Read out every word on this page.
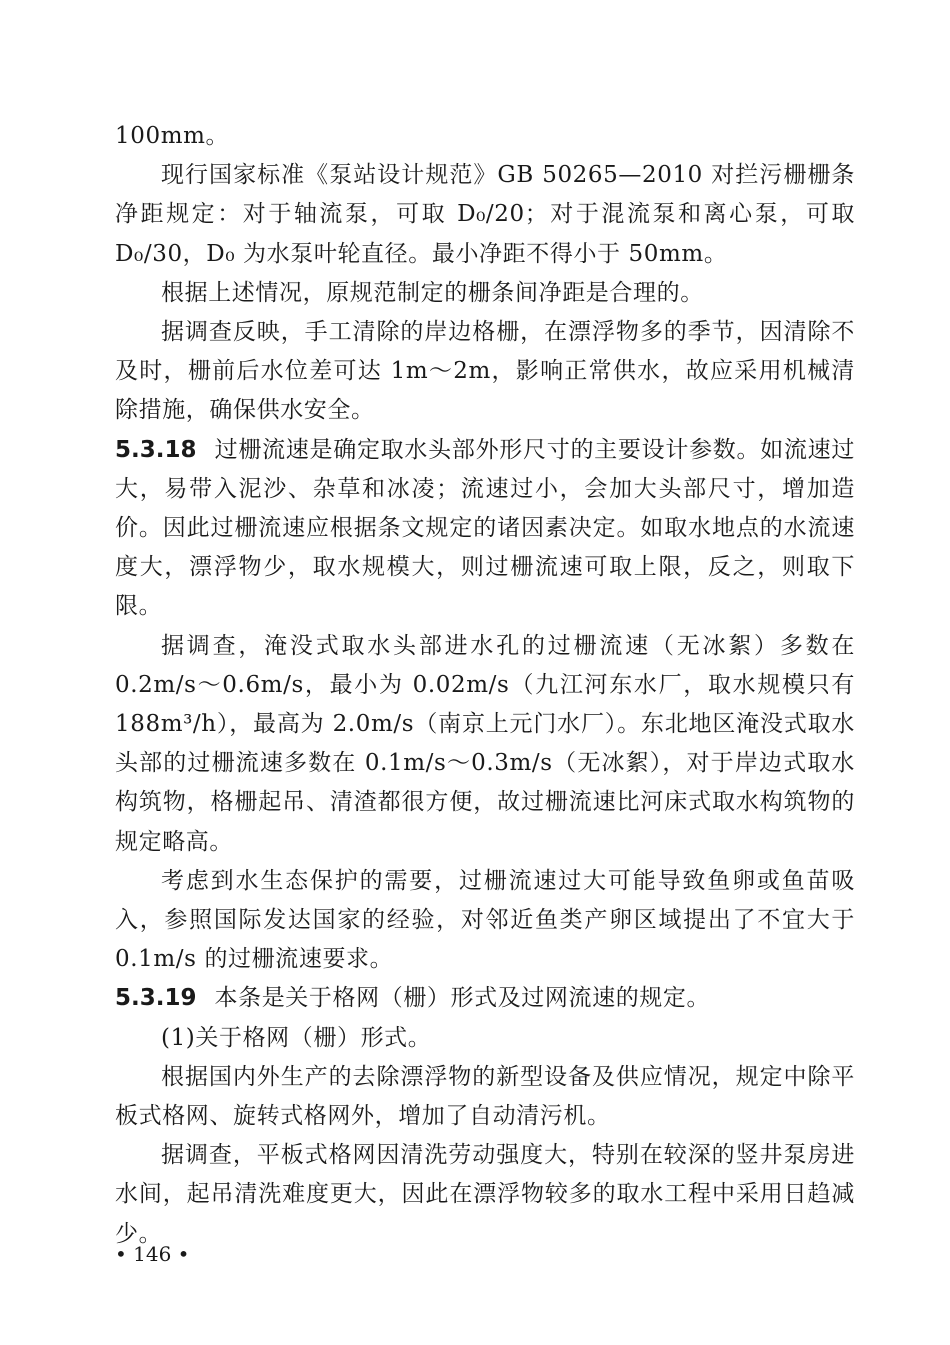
100mm。

现行国家标准《泵站设计规范》GB 50265—2010 对拦污栅栅条净距规定：对于轴流泵，可取 D₀/20；对于混流泵和离心泵，可取 D₀/30，D₀ 为水泵叶轮直径。最小净距不得小于 50mm。

根据上述情况，原规范制定的栅条间净距是合理的。

据调查反映，手工清除的岸边格栅，在漂浮物多的季节，因清除不及时，栅前后水位差可达 1m～2m，影响正常供水，故应采用机械清除措施，确保供水安全。

5.3.18 过栅流速是确定取水头部外形尺寸的主要设计参数。如流速过大，易带入泥沙、杂草和冰凌；流速过小，会加大头部尺寸，增加造价。因此过栅流速应根据条文规定的诸因素决定。如取水地点的水流速度大，漂浮物少，取水规模大，则过栅流速可取上限，反之，则取下限。

据调查，淹没式取水头部进水孔的过栅流速（无冰絮）多数在 0.2m/s～0.6m/s，最小为 0.02m/s（九江河东水厂，取水规模只有 188m³/h），最高为 2.0m/s（南京上元门水厂）。东北地区淹没式取水头部的过栅流速多数在 0.1m/s～0.3m/s（无冰絮），对于岸边式取水构筑物，格栅起吊、清渣都很方便，故过栅流速比河床式取水构筑物的规定略高。

考虑到水生态保护的需要，过栅流速过大可能导致鱼卵或鱼苗吸入，参照国际发达国家的经验，对邻近鱼类产卵区域提出了不宜大于 0.1m/s 的过栅流速要求。

5.3.19 本条是关于格网（栅）形式及过网流速的规定。

(1)关于格网（栅）形式。

根据国内外生产的去除漂浮物的新型设备及供应情况，规定中除平板式格网、旋转式格网外，增加了自动清污机。

据调查，平板式格网因清洗劳动强度大，特别在较深的竖井泵房进水间，起吊清洗难度更大，因此在漂浮物较多的取水工程中采用日趋减少。

• 146 •
